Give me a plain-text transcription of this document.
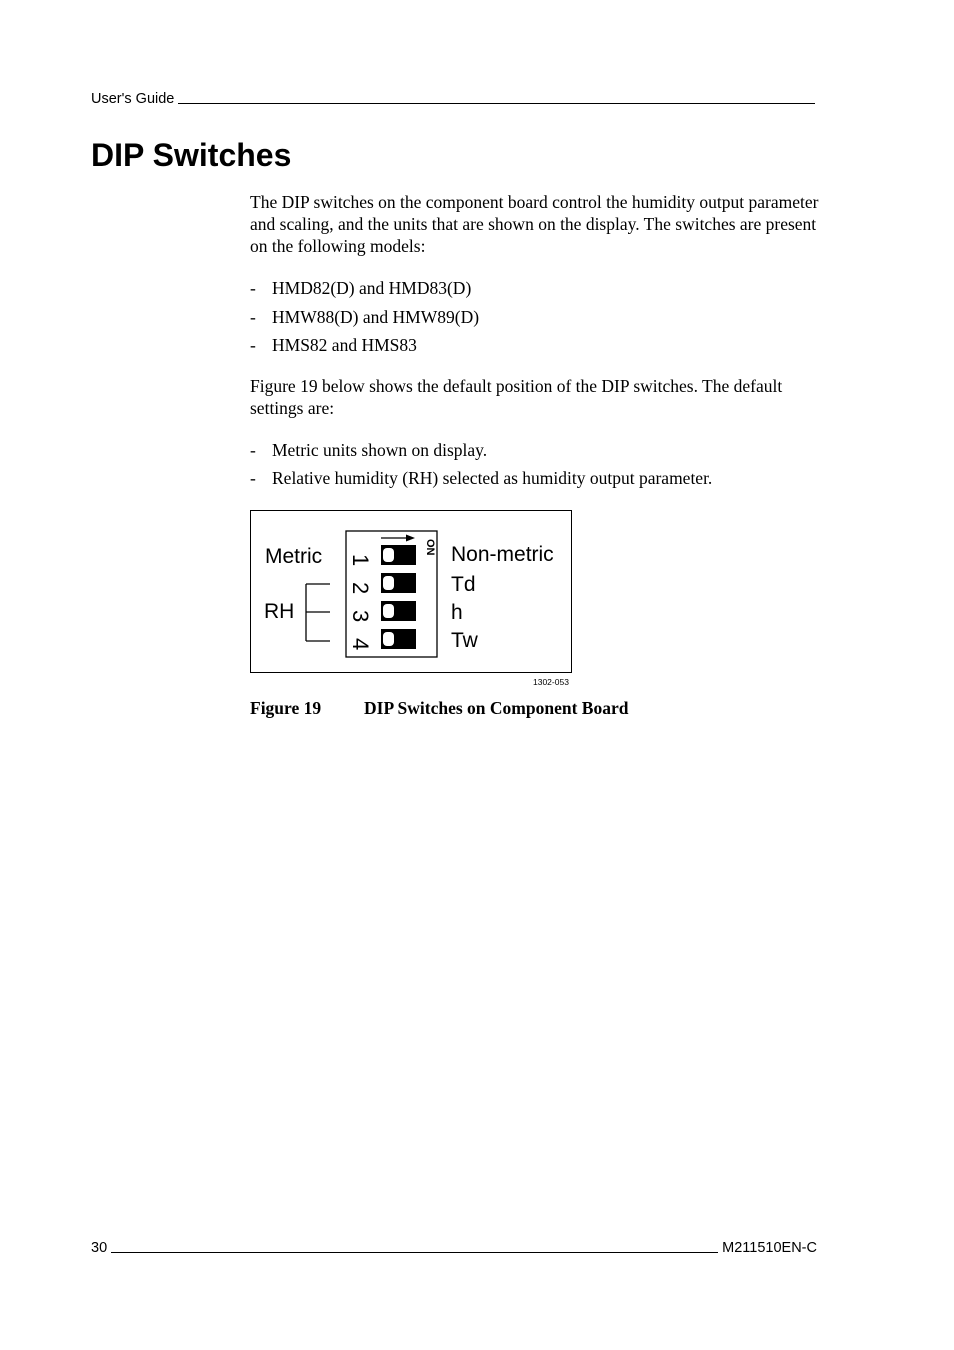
User's Guide
DIP Switches

The DIP switches on the component board control the humidity output parameter and scaling, and the units that are shown on the display. The switches are present on the following models:

- HMD82(D) and HMD83(D)
- HMW88(D) and HMW89(D)
- HMS82 and HMS83

Figure 19 below shows the default position of the DIP switches. The default settings are:

- Metric units shown on display.
- Relative humidity (RH) selected as humidity output parameter.
ON
1
2
3
4
Metric
RH
Non-metric
Td
h
Tw
1302-053
Figure 19	DIP Switches on Component Board
30	M211510EN-C
